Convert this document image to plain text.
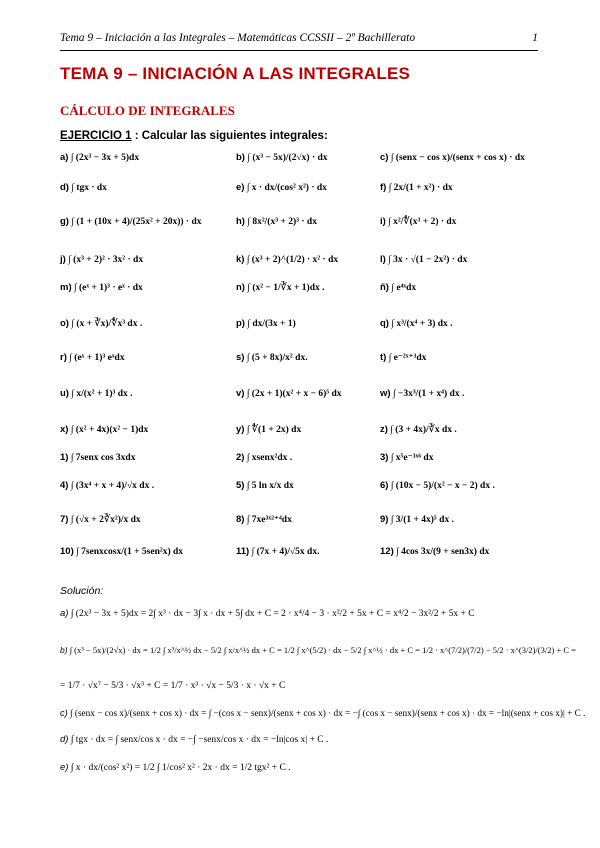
Tema 9 – Iniciación a las Integrales – Matemáticas CCSSII – 2º Bachillerato	1
TEMA 9 – INICIACIÓN A LAS INTEGRALES
CÁLCULO DE INTEGRALES
EJERCICIO 1 : Calcular las siguientes integrales:
a) ∫ (2x³ − 3x + 5)dx	b) ∫ (x³ − 5x)/(2√x) · dx	c) ∫ (senx − cos x)/(senx + cos x) · dx
d) ∫ tgx · dx	e) ∫ x · dx/(cos² x²) · dx	f) ∫ 2x/(1 + x²) · dx
g) ∫ (1 + (10x + 4)/(25x² + 20x)) · dx	h) ∫ 8x²/(x³ + 2)³ · dx	i) ∫ x²/∜(x³ + 2) · dx
j) ∫ (x³ + 2)² · 3x² · dx	k) ∫ (x³ + 2)^(1/2) · x² · dx	l) ∫ 3x · √(1 − 2x²) · dx
m) ∫ (eˣ + 1)³ · eˣ · dx	n) ∫ (x² − 1/∛x + 1)dx .	ñ) ∫ e⁴ˣdx
o) ∫ (x + ∛x)/∜x³ dx .	p) ∫ dx/(3x + 1)	q) ∫ x³/(x⁴ + 3) dx .
r) ∫ (eˣ + 1)³ eˣdx	s) ∫ (5 + 8x)/x² dx.	t) ∫ e⁻²ˣ⁺³dx
u) ∫ x/(x² + 1)³ dx .	v) ∫ (2x + 1)(x² + x − 6)⁵ dx	w) ∫ −3x³/(1 + x⁴) dx .
x) ∫ (x² + 4x)(x² − 1)dx	y) ∫ ∜(1 + 2x) dx	z) ∫ (3 + 4x)/∛x dx .
1) ∫ 7senx cos 3xdx	2) ∫ xsenx²dx .	3) ∫ x⁵e⁻³ˣ⁶ dx
4) ∫ (3x⁴ + x + 4)/√x dx .	5) ∫ 5 ln x/x dx	6) ∫ (10x − 5)/(x² − x − 2) dx .
7) ∫ (√x + 2∛x²)/x dx	8) ∫ 7xe³ˣ²⁺⁴dx	9) ∫ 3/(1 + 4x)⁵ dx .
10) ∫ 7senxcosx/(1 + 5sen²x) dx	11) ∫ (7x + 4)/√5x dx.	12) ∫ 4cos 3x/(9 + sen3x) dx
Solución:
a) ∫ (2x³ − 3x + 5)dx = 2∫ x³ · dx − 3∫ x · dx + 5∫ dx + C = 2 · x⁴/4 − 3 · x²/2 + 5x + C = x⁴/2 − 3x²/2 + 5x + C
b) ∫ (x³ − 5x)/(2√x) · dx = 1/2 ∫ x³/x^½ dx − 5/2 ∫ x/x^½ dx + C = 1/2 ∫ x^(5/2) · dx − 5/2 ∫ x^½ · dx + C = 1/2 · x^(7/2)/(7/2) − 5/2 · x^(3/2)/(3/2) + C =
= 1/7 · √x⁷ − 5/3 · √x³ + C = 1/7 · x³ · √x − 5/3 · x · √x + C
c) ∫ (senx − cos x)/(senx + cos x) · dx = ∫ −(cos x − senx)/(senx + cos x) · dx = −∫ (cos x − senx)/(senx + cos x) · dx = −ln|(senx + cos x)| + C .
d) ∫ tgx · dx = ∫ senx/cos x · dx = −∫ −senx/cos x · dx = −ln|cos x| + C .
e) ∫ x · dx/(cos² x²) = 1/2 ∫ 1/cos² x² · 2x · dx = 1/2 tgx² + C .
